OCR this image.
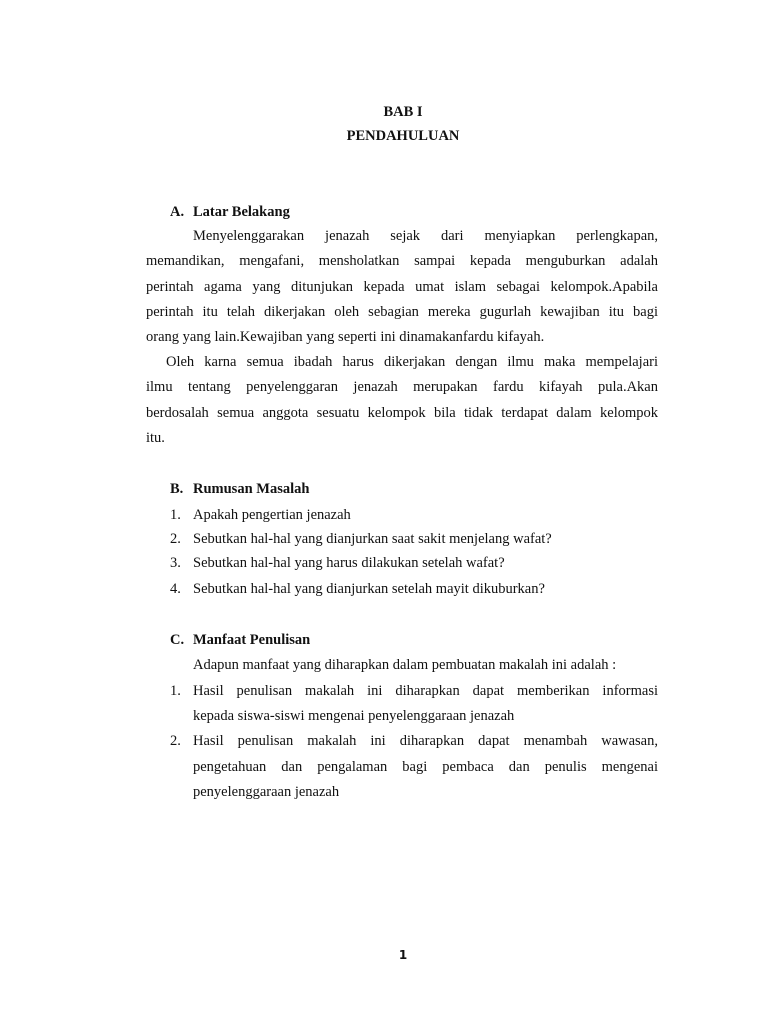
BAB I
PENDAHULUAN
A. Latar Belakang
Menyelenggarakan jenazah sejak dari menyiapkan perlengkapan,
memandikan, mengafani, mensholatkan sampai kepada menguburkan adalah
perintah agama yang ditunjukan kepada umat islam sebagai kelompok.Apabila
perintah itu telah dikerjakan oleh sebagian mereka gugurlah kewajiban itu bagi
orang yang lain.Kewajiban yang seperti ini dinamakanfardu kifayah.
Oleh karna semua ibadah harus dikerjakan dengan ilmu maka mempelajari
ilmu tentang penyelenggaran jenazah merupakan fardu kifayah pula.Akan
berdosalah semua anggota sesuatu kelompok bila tidak terdapat dalam kelompok
itu.
B. Rumusan Masalah
1. Apakah pengertian jenazah
2. Sebutkan hal-hal yang dianjurkan saat sakit menjelang wafat?
3. Sebutkan hal-hal yang harus dilakukan setelah wafat?
4. Sebutkan hal-hal yang dianjurkan setelah mayit dikuburkan?
C. Manfaat Penulisan
Adapun manfaat yang diharapkan dalam pembuatan makalah ini adalah :
1. Hasil penulisan makalah ini diharapkan dapat memberikan informasi
kepada siswa-siswi mengenai penyelenggaraan jenazah
2. Hasil penulisan makalah ini diharapkan dapat menambah wawasan,
pengetahuan dan pengalaman bagi pembaca dan penulis mengenai
penyelenggaraan jenazah
1
